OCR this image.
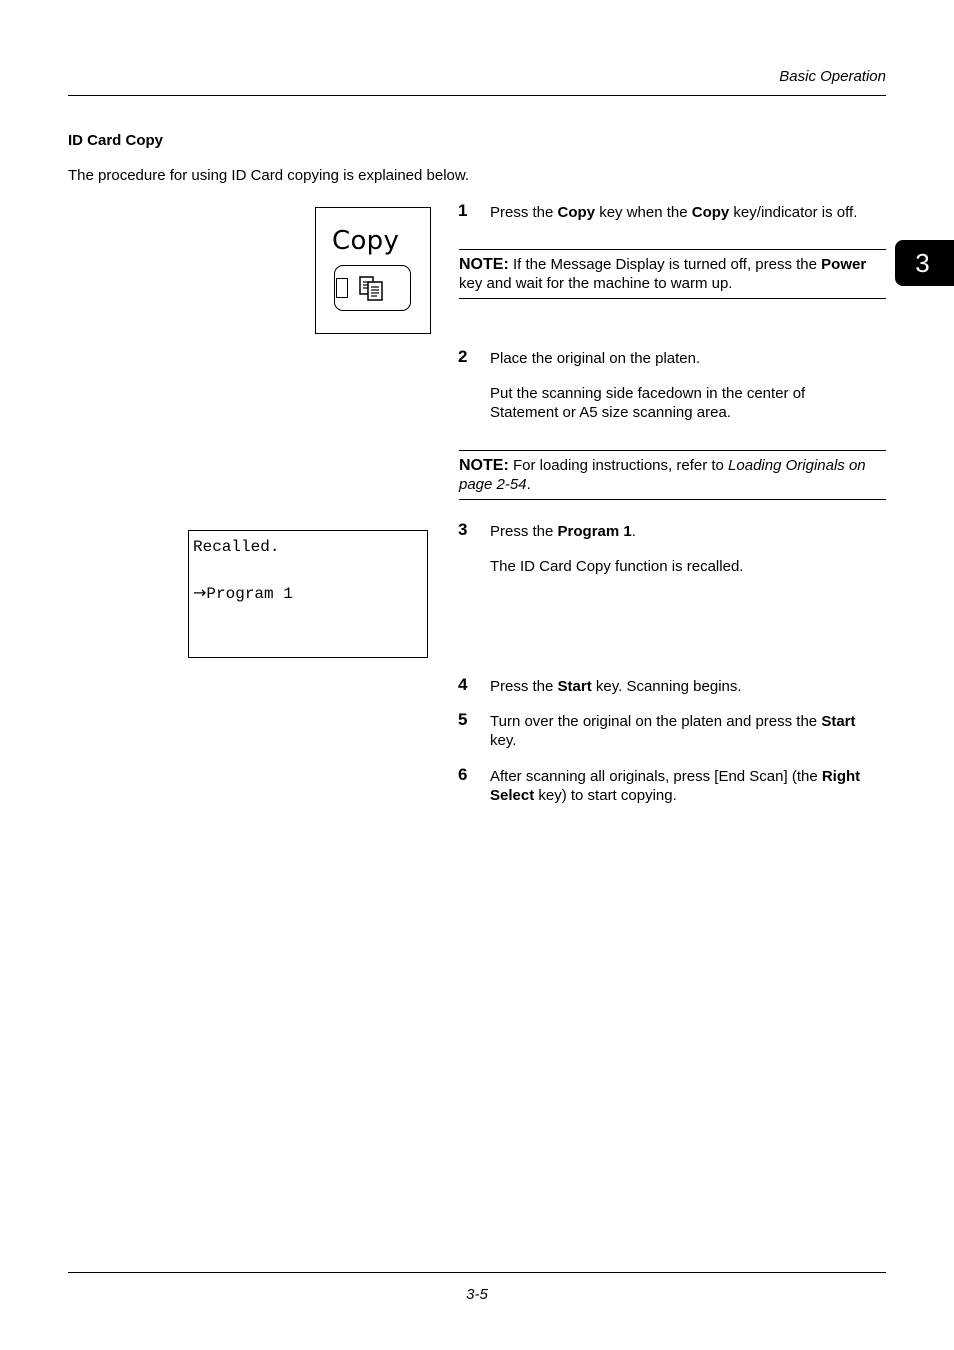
Basic Operation
3
ID Card Copy
The procedure for using ID Card copying is explained below.
Copy
1 Press the Copy key when the Copy key/indicator is off.
NOTE: If the Message Display is turned off, press the Power key and wait for the machine to warm up.
2 Place the original on the platen.
Put the scanning side facedown in the center of Statement or A5 size scanning area.
NOTE: For loading instructions, refer to Loading Originals on page 2-54.
Recalled.
→Program 1
3 Press the Program 1.
The ID Card Copy function is recalled.
4 Press the Start key. Scanning begins.
5 Turn over the original on the platen and press the Start key.
6 After scanning all originals, press [End Scan] (the Right Select key) to start copying.
3-5
